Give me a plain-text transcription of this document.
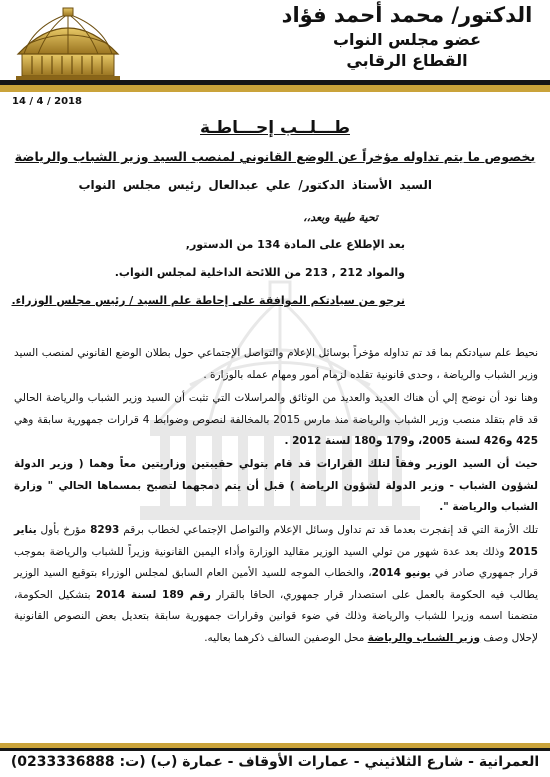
الدكتور/ محمد أحمد فؤاد
عضو مجلس النواب
القطاع الرقابي
14 / 4 / 2018
طـــلــب إحـــاطـة
بخصوص ما يتم تداوله مؤخراً عن الوضع القانوني لمنصب السيد وزير الشباب والرياضة
السيد الأستاذ الدكتور/ علي عبدالعال رئيس مجلس النواب
تحية طيبة وبعد،،
بعد الإطلاع على المادة 134 من الدستور,
والمواد 212 , 213 من اللائحة الداخلية لمجلس النواب.
نرجو من سيادتكم الموافقة على إحاطة علم السيد / رئيس مجلس الوزراء.
نحيط علم سيادتكم بما قد تم تداوله مؤخراً بوسائل الإعلام والتواصل الإجتماعي حول بطلان الوضع القانوني لمنصب السيد وزير الشباب والرياضة ، وحدى قانونية تقلده لزمام أمور ومهام عمله بالوزارة .
وهنا نود أن نوضح إلي أن هناك العديد والعديد من الوثائق والمراسلات التي تثبت أن السيد وزير الشباب والرياضة الحالي قد قام بتقلد منصب وزير الشباب والرياضة منذ مارس 2015 بالمخالفة لنصوص وضوابط 4 قرارات جمهورية سابقة وهي 425 و426 لسنة 2005، و179 و180 لسنة 2012 .
حيث أن السيد الوزير وفقاً لتلك القرارات قد قام بتولي حقيبتين وزاريتين معاً وهما ( وزير الدولة لشؤون الشباب - وزير الدولة لشؤون الرياضة ) قبل أن يتم دمجهما لتصبح بمسماها الحالي " وزارة الشباب والرياضة ".
تلك الأزمة التي قد إنفجرت بعدما قد تم تداول وسائل الإعلام والتواصل الإجتماعي لخطاب برقم 8293 مؤرخ بأول يناير 2015 وذلك بعد عدة شهور من تولي السيد الوزير مقاليد الوزارة وأداء اليمين القانونية وزيراً للشباب والرياضة بموجب قرار جمهوري صادر في يونيو 2014، والخطاب الموجه للسيد الأمين العام السابق لمجلس الوزراء بتوقيع السيد الوزير يطالب فيه الحكومة بالعمل على استصدار قرار جمهوري، الحاقا بالقرار رقم 189 لسنة 2014 بتشكيل الحكومة، متضمنا اسمه وزيرا للشباب والرياضة وذلك في ضوء قوانين وقرارات جمهورية سابقة بتعديل بعض النصوص القانونية لإحلال وصف وزير الشباب والرياضة محل الوصفين السالف ذكرهما بعاليه.
العمرانية - شارع الثلاثيني - عمارات الأوقاف - عمارة (ب) (ت: 0233336888)
